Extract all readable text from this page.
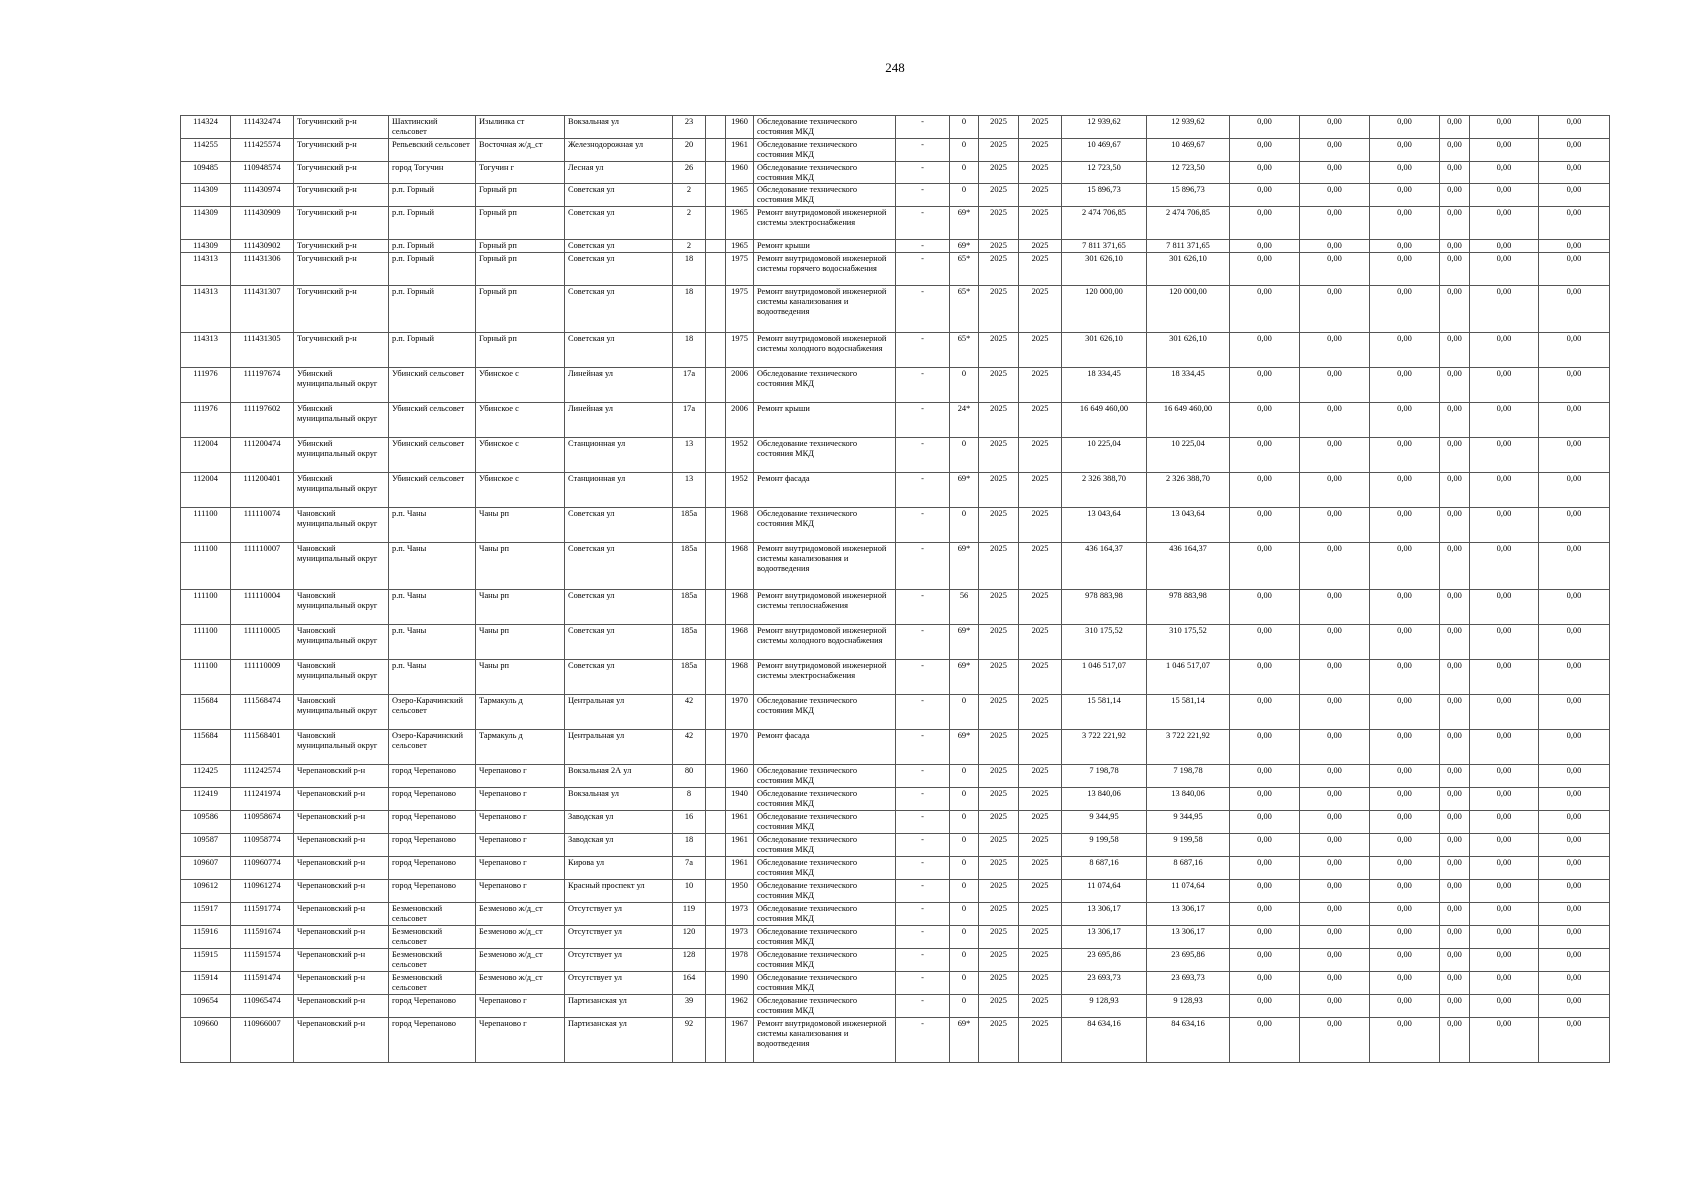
248
114324	111432474	Тогучинский р-н	Шахтинский сельсовет	Изылинка ст	Вокзальная ул	23		1960	Обследование технического состояния МКД	-	0	2025	2025	12 939,62	12 939,62	0,00	0,00	0,00	0,00	0,00	0,00
114255	111425574	Тогучинский р-н	Репьевский сельсовет	Восточная ж/д_ст	Железнодорожная ул	20		1961	Обследование технического состояния МКД	-	0	2025	2025	10 469,67	10 469,67	0,00	0,00	0,00	0,00	0,00	0,00
109485	110948574	Тогучинский р-н	город Тогучин	Тогучин г	Лесная ул	26		1960	Обследование технического состояния МКД	-	0	2025	2025	12 723,50	12 723,50	0,00	0,00	0,00	0,00	0,00	0,00
114309	111430974	Тогучинский р-н	р.п. Горный	Горный рп	Советская ул	2		1965	Обследование технического состояния МКД	-	0	2025	2025	15 896,73	15 896,73	0,00	0,00	0,00	0,00	0,00	0,00
114309	111430909	Тогучинский р-н	р.п. Горный	Горный рп	Советская ул	2		1965	Ремонт внутридомовой инженерной системы электроснабжения	-	69*	2025	2025	2 474 706,85	2 474 706,85	0,00	0,00	0,00	0,00	0,00	0,00
114309	111430902	Тогучинский р-н	р.п. Горный	Горный рп	Советская ул	2		1965	Ремонт крыши	-	69*	2025	2025	7 811 371,65	7 811 371,65	0,00	0,00	0,00	0,00	0,00	0,00
114313	111431306	Тогучинский р-н	р.п. Горный	Горный рп	Советская ул	18		1975	Ремонт внутридомовой инженерной системы горячего водоснабжения	-	65*	2025	2025	301 626,10	301 626,10	0,00	0,00	0,00	0,00	0,00	0,00
114313	111431307	Тогучинский р-н	р.п. Горный	Горный рп	Советская ул	18		1975	Ремонт внутридомовой инженерной системы канализования и водоотведения	-	65*	2025	2025	120 000,00	120 000,00	0,00	0,00	0,00	0,00	0,00	0,00
114313	111431305	Тогучинский р-н	р.п. Горный	Горный рп	Советская ул	18		1975	Ремонт внутридомовой инженерной системы холодного водоснабжения	-	65*	2025	2025	301 626,10	301 626,10	0,00	0,00	0,00	0,00	0,00	0,00
111976	111197674	Убинский муниципальный округ	Убинский сельсовет	Убинское с	Линейная ул	17а		2006	Обследование технического состояния МКД	-	0	2025	2025	18 334,45	18 334,45	0,00	0,00	0,00	0,00	0,00	0,00
111976	111197602	Убинский муниципальный округ	Убинский сельсовет	Убинское с	Линейная ул	17а		2006	Ремонт крыши	-	24*	2025	2025	16 649 460,00	16 649 460,00	0,00	0,00	0,00	0,00	0,00	0,00
112004	111200474	Убинский муниципальный округ	Убинский сельсовет	Убинское с	Станционная ул	13		1952	Обследование технического состояния МКД	-	0	2025	2025	10 225,04	10 225,04	0,00	0,00	0,00	0,00	0,00	0,00
112004	111200401	Убинский муниципальный округ	Убинский сельсовет	Убинское с	Станционная ул	13		1952	Ремонт фасада	-	69*	2025	2025	2 326 388,70	2 326 388,70	0,00	0,00	0,00	0,00	0,00	0,00
111100	111110074	Чановский муниципальный округ	р.п. Чаны	Чаны рп	Советская ул	185а		1968	Обследование технического состояния МКД	-	0	2025	2025	13 043,64	13 043,64	0,00	0,00	0,00	0,00	0,00	0,00
111100	111110007	Чановский муниципальный округ	р.п. Чаны	Чаны рп	Советская ул	185а		1968	Ремонт внутридомовой инженерной системы канализования и водоотведения	-	69*	2025	2025	436 164,37	436 164,37	0,00	0,00	0,00	0,00	0,00	0,00
111100	111110004	Чановский муниципальный округ	р.п. Чаны	Чаны рп	Советская ул	185а		1968	Ремонт внутридомовой инженерной системы теплоснабжения	-	56	2025	2025	978 883,98	978 883,98	0,00	0,00	0,00	0,00	0,00	0,00
111100	111110005	Чановский муниципальный округ	р.п. Чаны	Чаны рп	Советская ул	185а		1968	Ремонт внутридомовой инженерной системы холодного водоснабжения	-	69*	2025	2025	310 175,52	310 175,52	0,00	0,00	0,00	0,00	0,00	0,00
111100	111110009	Чановский муниципальный округ	р.п. Чаны	Чаны рп	Советская ул	185а		1968	Ремонт внутридомовой инженерной системы электроснабжения	-	69*	2025	2025	1 046 517,07	1 046 517,07	0,00	0,00	0,00	0,00	0,00	0,00
115684	111568474	Чановский муниципальный округ	Озеро-Карачинский сельсовет	Тармакуль д	Центральная ул	42		1970	Обследование технического состояния МКД	-	0	2025	2025	15 581,14	15 581,14	0,00	0,00	0,00	0,00	0,00	0,00
115684	111568401	Чановский муниципальный округ	Озеро-Карачинский сельсовет	Тармакуль д	Центральная ул	42		1970	Ремонт фасада	-	69*	2025	2025	3 722 221,92	3 722 221,92	0,00	0,00	0,00	0,00	0,00	0,00
112425	111242574	Черепановский р-н	город Черепаново	Черепаново г	Вокзальная 2А ул	80		1960	Обследование технического состояния МКД	-	0	2025	2025	7 198,78	7 198,78	0,00	0,00	0,00	0,00	0,00	0,00
112419	111241974	Черепановский р-н	город Черепаново	Черепаново г	Вокзальная ул	8		1940	Обследование технического состояния МКД	-	0	2025	2025	13 840,06	13 840,06	0,00	0,00	0,00	0,00	0,00	0,00
109586	110958674	Черепановский р-н	город Черепаново	Черепаново г	Заводская ул	16		1961	Обследование технического состояния МКД	-	0	2025	2025	9 344,95	9 344,95	0,00	0,00	0,00	0,00	0,00	0,00
109587	110958774	Черепановский р-н	город Черепаново	Черепаново г	Заводская ул	18		1961	Обследование технического состояния МКД	-	0	2025	2025	9 199,58	9 199,58	0,00	0,00	0,00	0,00	0,00	0,00
109607	110960774	Черепановский р-н	город Черепаново	Черепаново г	Кирова ул	7а		1961	Обследование технического состояния МКД	-	0	2025	2025	8 687,16	8 687,16	0,00	0,00	0,00	0,00	0,00	0,00
109612	110961274	Черепановский р-н	город Черепаново	Черепаново г	Красный проспект ул	10		1950	Обследование технического состояния МКД	-	0	2025	2025	11 074,64	11 074,64	0,00	0,00	0,00	0,00	0,00	0,00
115917	111591774	Черепановский р-н	Безменовский сельсовет	Безменово ж/д_ст	Отсутствует ул	119		1973	Обследование технического состояния МКД	-	0	2025	2025	13 306,17	13 306,17	0,00	0,00	0,00	0,00	0,00	0,00
115916	111591674	Черепановский р-н	Безменовский сельсовет	Безменово ж/д_ст	Отсутствует ул	120		1973	Обследование технического состояния МКД	-	0	2025	2025	13 306,17	13 306,17	0,00	0,00	0,00	0,00	0,00	0,00
115915	111591574	Черепановский р-н	Безменовский сельсовет	Безменово ж/д_ст	Отсутствует ул	128		1978	Обследование технического состояния МКД	-	0	2025	2025	23 695,86	23 695,86	0,00	0,00	0,00	0,00	0,00	0,00
115914	111591474	Черепановский р-н	Безменовский сельсовет	Безменово ж/д_ст	Отсутствует ул	164		1990	Обследование технического состояния МКД	-	0	2025	2025	23 693,73	23 693,73	0,00	0,00	0,00	0,00	0,00	0,00
109654	110965474	Черепановский р-н	город Черепаново	Черепаново г	Партизанская ул	39		1962	Обследование технического состояния МКД	-	0	2025	2025	9 128,93	9 128,93	0,00	0,00	0,00	0,00	0,00	0,00
109660	110966007	Черепановский р-н	город Черепаново	Черепаново г	Партизанская ул	92		1967	Ремонт внутридомовой инженерной системы канализования и водоотведения	-	69*	2025	2025	84 634,16	84 634,16	0,00	0,00	0,00	0,00	0,00	0,00
